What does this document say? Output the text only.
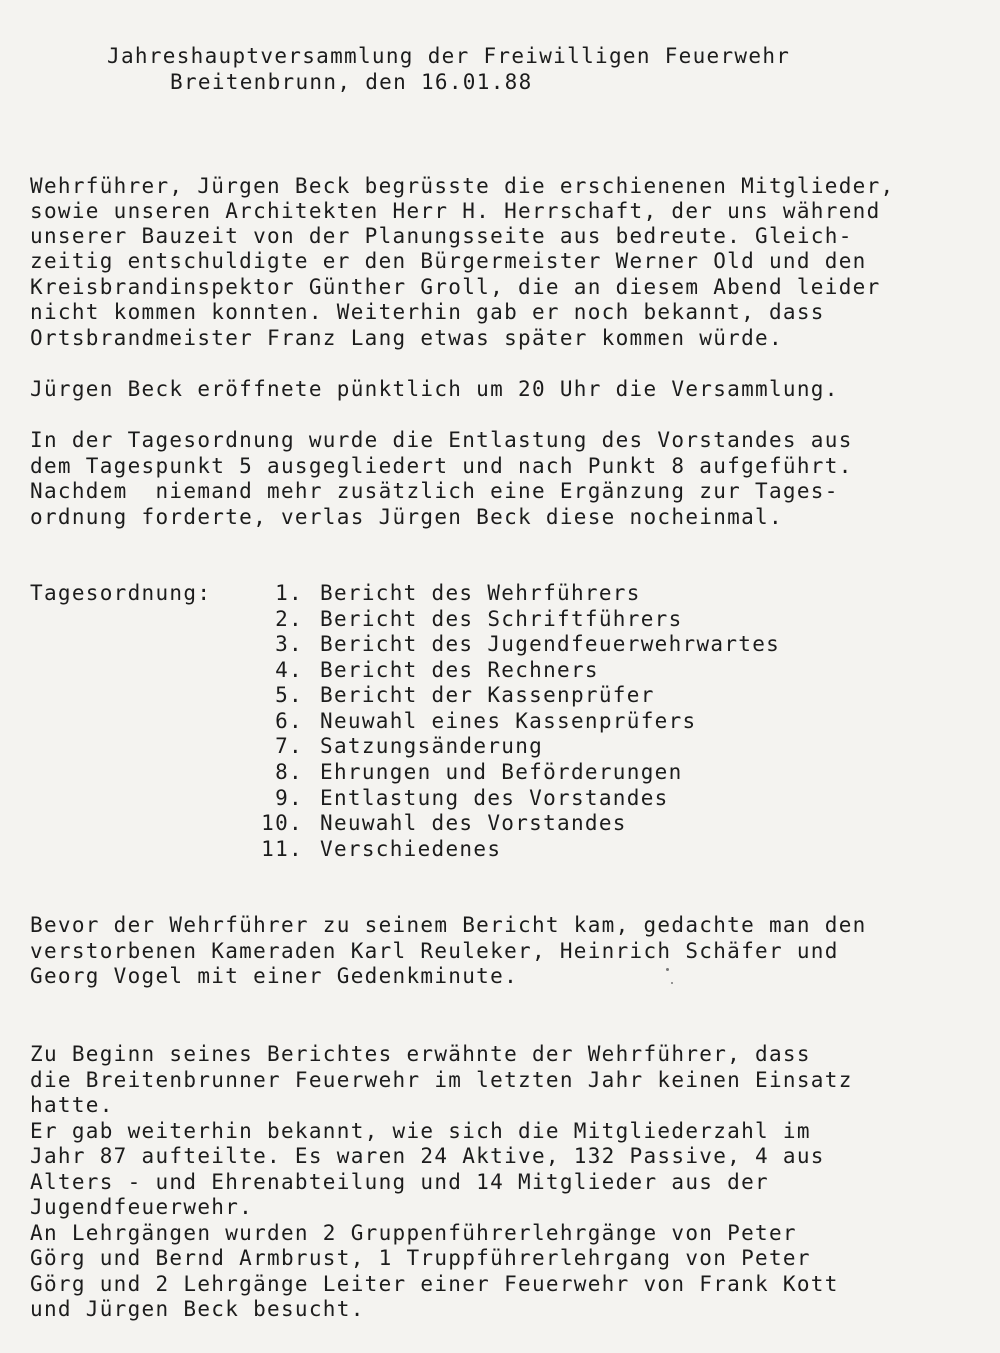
Jahreshauptversammlung der Freiwilligen Feuerwehr
Breitenbrunn, den 16.01.88
Wehrführer, Jürgen Beck begrüsste die erschienenen Mitglieder,
sowie unseren Architekten Herr H. Herrschaft, der uns während
unserer Bauzeit von der Planungsseite aus bedreute. Gleich-
zeitig entschuldigte er den Bürgermeister Werner Old und den
Kreisbrandinspektor Günther Groll, die an diesem Abend leider
nicht kommen konnten. Weiterhin gab er noch bekannt, dass
Ortsbrandmeister Franz Lang etwas später kommen würde.
Jürgen Beck eröffnete pünktlich um 20 Uhr die Versammlung.
In der Tagesordnung wurde die Entlastung des Vorstandes aus
dem Tagespunkt 5 ausgegliedert und nach Punkt 8 aufgeführt.
Nachdem  niemand mehr zusätzlich eine Ergänzung zur Tages-
ordnung forderte, verlas Jürgen Beck diese nocheinmal.
Tagesordnung:	1. Bericht des Wehrführers
2. Bericht des Schriftführers
3. Bericht des Jugendfeuerwehrwartes
4. Bericht des Rechners
5. Bericht der Kassenprüfer
6. Neuwahl eines Kassenprüfers
7. Satzungsänderung
8. Ehrungen und Beförderungen
9. Entlastung des Vorstandes
10. Neuwahl des Vorstandes
11. Verschiedenes
Bevor der Wehrführer zu seinem Bericht kam, gedachte man den
verstorbenen Kameraden Karl Reuleker, Heinrich Schäfer und
Georg Vogel mit einer Gedenkminute.
Zu Beginn seines Berichtes erwähnte der Wehrführer, dass
die Breitenbrunner Feuerwehr im letzten Jahr keinen Einsatz
hatte.
Er gab weiterhin bekannt, wie sich die Mitgliederzahl im
Jahr 87 aufteilte. Es waren 24 Aktive, 132 Passive, 4 aus
Alters - und Ehrenabteilung und 14 Mitglieder aus der
Jugendfeuerwehr.
An Lehrgängen wurden 2 Gruppenführerlehrgänge von Peter
Görg und Bernd Armbrust, 1 Truppführerlehrgang von Peter
Görg und 2 Lehrgänge Leiter einer Feuerwehr von Frank Kott
und Jürgen Beck besucht.
